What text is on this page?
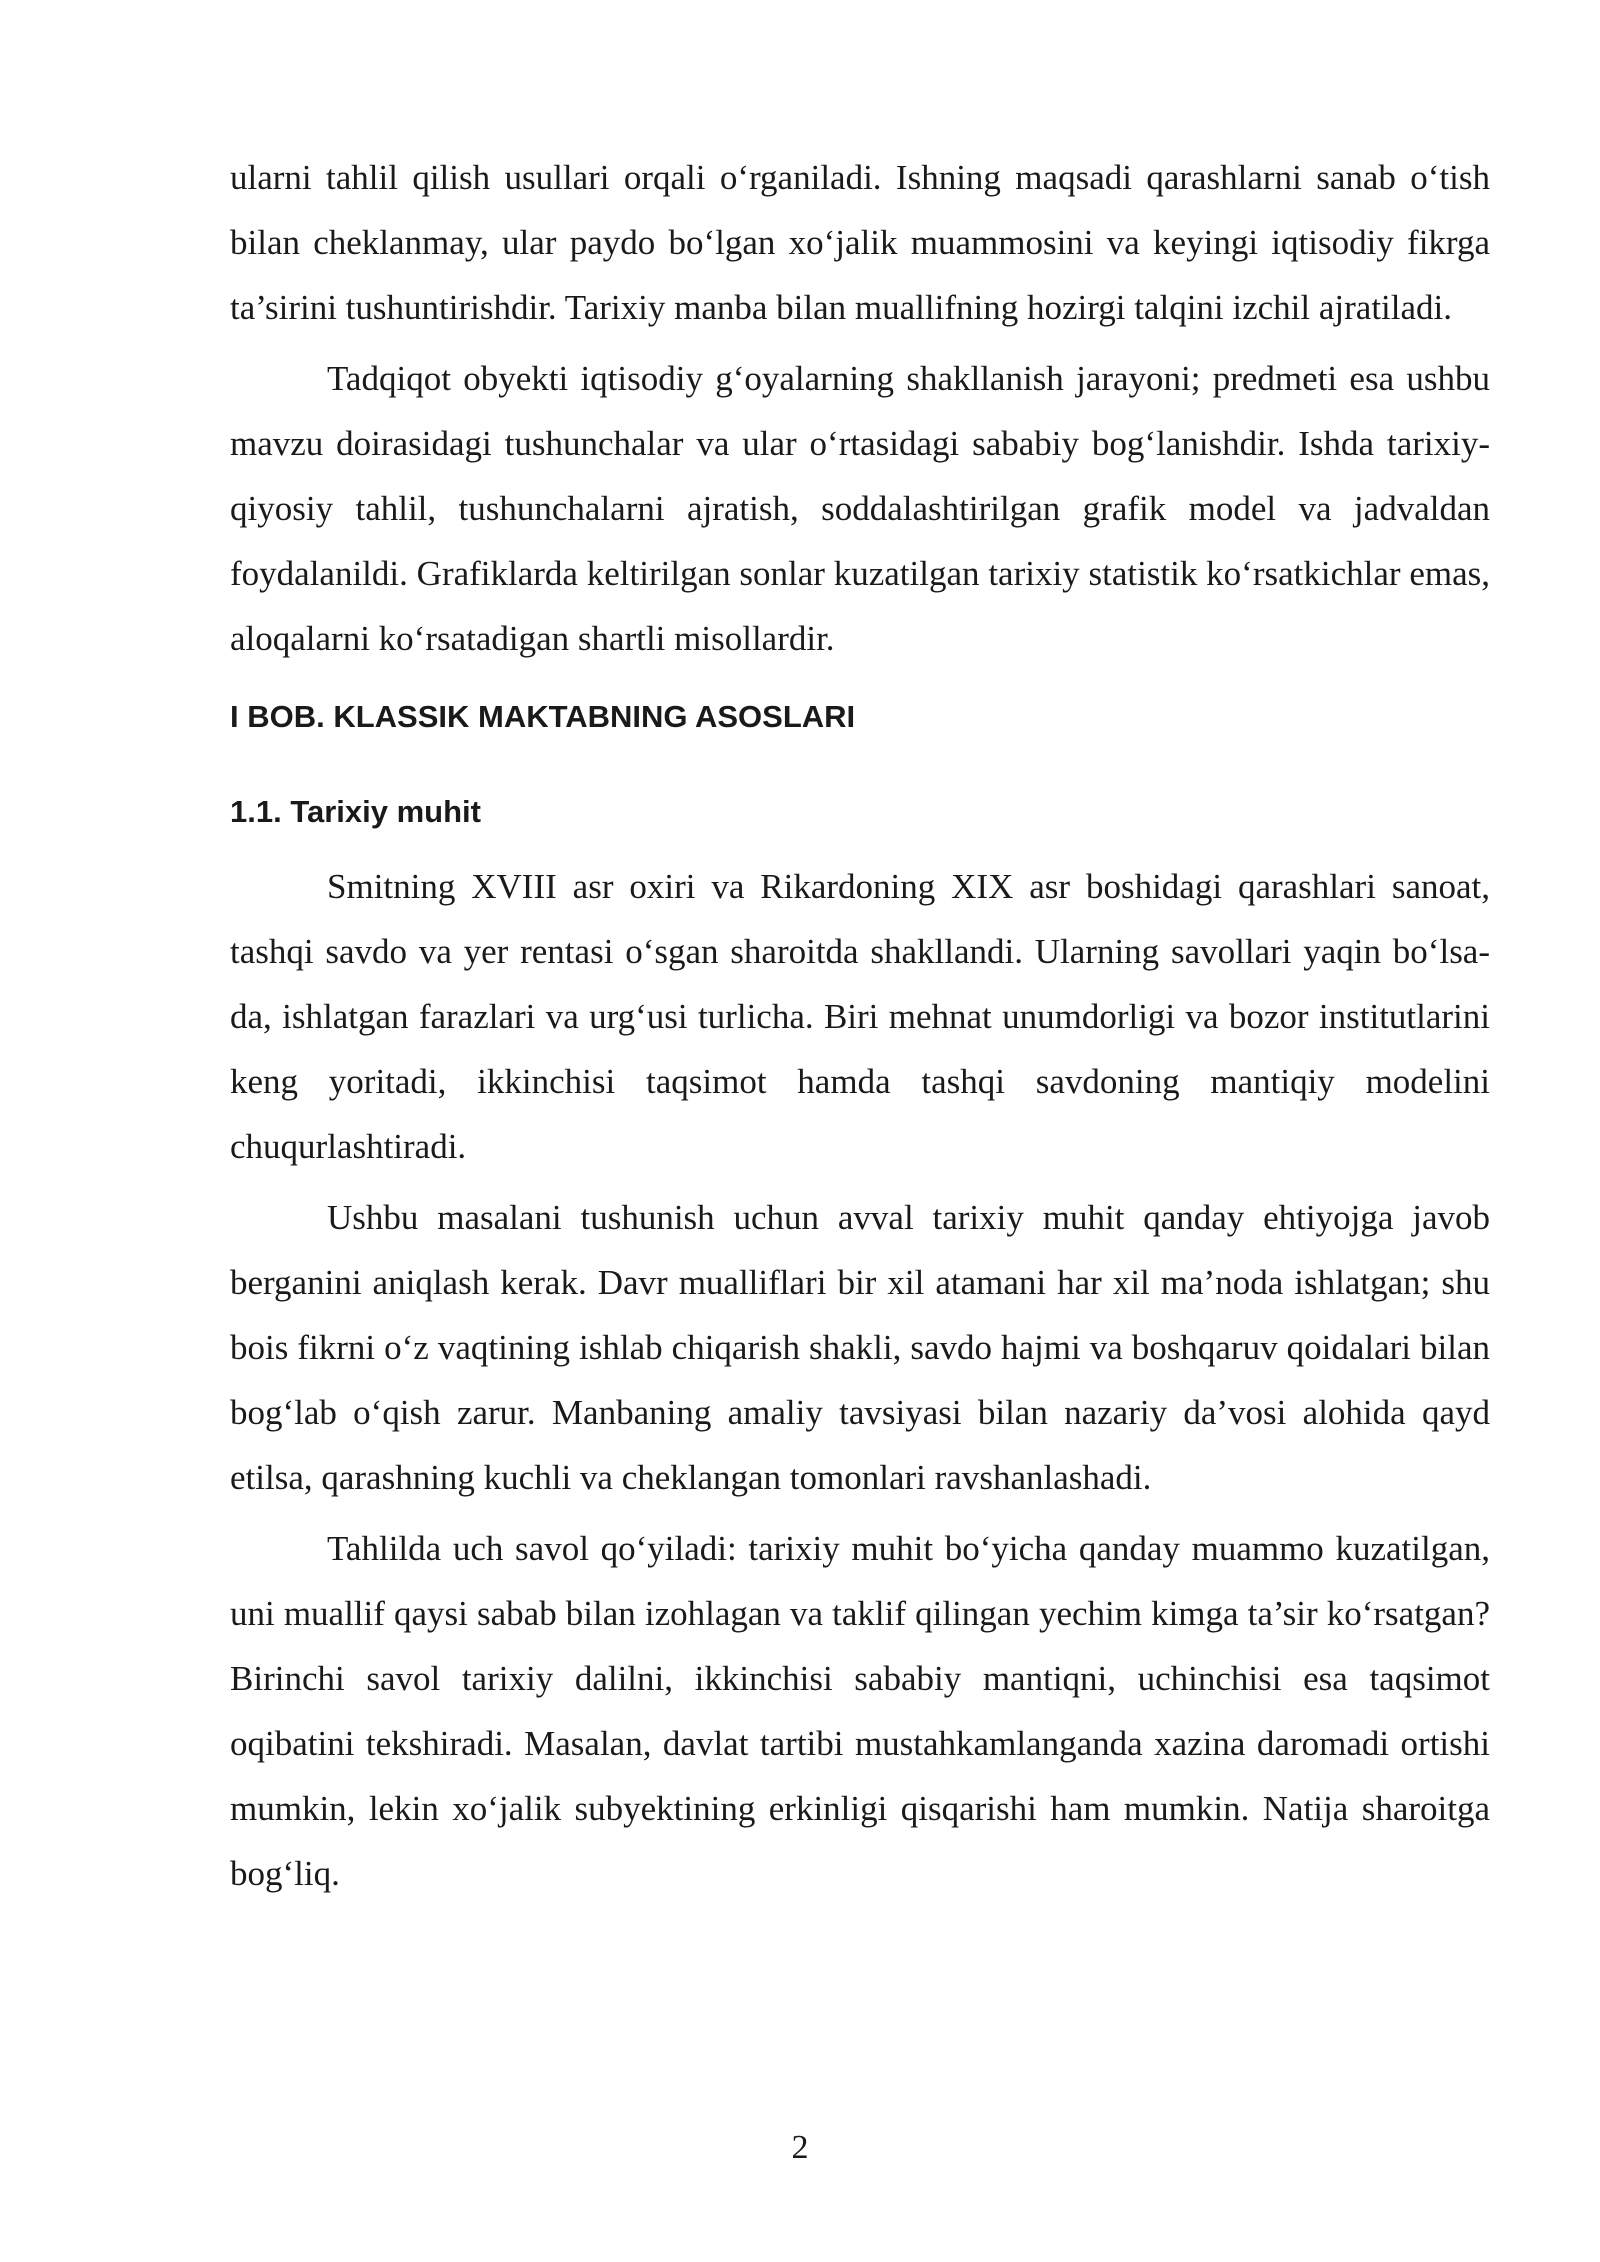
ularni tahlil qilish usullari orqali o‘rganiladi. Ishning maqsadi qarashlarni sanab o‘tish bilan cheklanmay, ular paydo bo‘lgan xo‘jalik muammosini va keyingi iqtisodiy fikrga ta’sirini tushuntirishdir. Tarixiy manba bilan muallifning hozirgi talqini izchil ajratiladi.

Tadqiqot obyekti iqtisodiy g‘oyalarning shakllanish jarayoni; predmeti esa ushbu mavzu doirasidagi tushunchalar va ular o‘rtasidagi sababiy bog‘lanishdir. Ishda tarixiy-qiyosiy tahlil, tushunchalarni ajratish, soddalashtirilgan grafik model va jadvaldan foydalanildi. Grafiklarda keltirilgan sonlar kuzatilgan tarixiy statistik ko‘rsatkichlar emas, aloqalarni ko‘rsatadigan shartli misollardir.

I BOB. KLASSIK MAKTABNING ASOSLARI
1.1. Tarixiy muhit

Smitning XVIII asr oxiri va Rikardoning XIX asr boshidagi qarashlari sanoat, tashqi savdo va yer rentasi o‘sgan sharoitda shakllandi. Ularning savollari yaqin bo‘lsa-da, ishlatgan farazlari va urg‘usi turlicha. Biri mehnat unumdorligi va bozor institutlarini keng yoritadi, ikkinchisi taqsimot hamda tashqi savdoning mantiqiy modelini chuqurlashtiradi.

Ushbu masalani tushunish uchun avval tarixiy muhit qanday ehtiyojga javob berganini aniqlash kerak. Davr mualliflari bir xil atamani har xil ma’noda ishlatgan; shu bois fikrni o‘z vaqtining ishlab chiqarish shakli, savdo hajmi va boshqaruv qoidalari bilan bog‘lab o‘qish zarur. Manbaning amaliy tavsiyasi bilan nazariy da’vosi alohida qayd etilsa, qarashning kuchli va cheklangan tomonlari ravshanlashadi.

Tahlilda uch savol qo‘yiladi: tarixiy muhit bo‘yicha qanday muammo kuzatilgan, uni muallif qaysi sabab bilan izohlagan va taklif qilingan yechim kimga ta’sir ko‘rsatgan? Birinchi savol tarixiy dalilni, ikkinchisi sababiy mantiqni, uchinchisi esa taqsimot oqibatini tekshiradi. Masalan, davlat tartibi mustahkamlanganda xazina daromadi ortishi mumkin, lekin xo‘jalik subyektining erkinligi qisqarishi ham mumkin. Natija sharoitga bog‘liq.

2
